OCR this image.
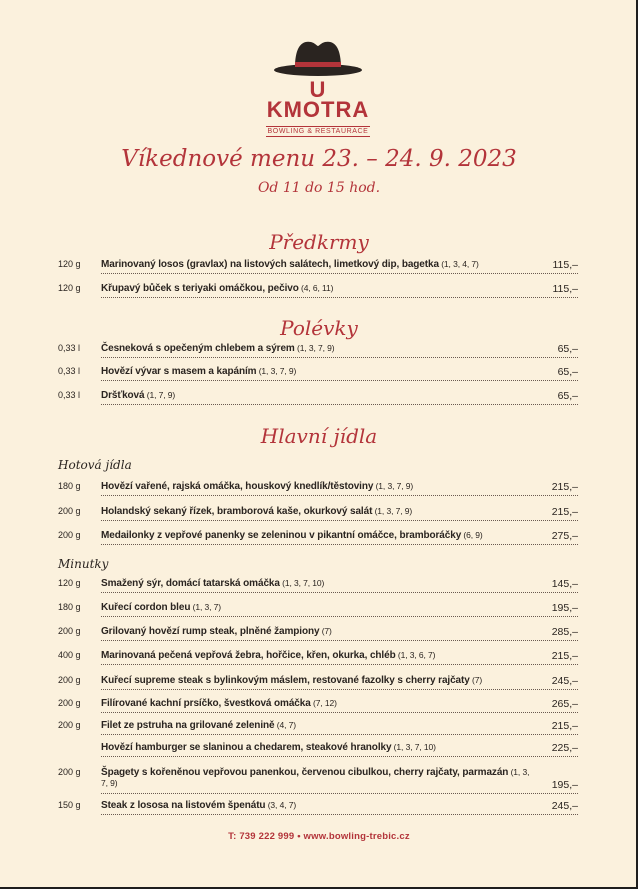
U KMOTRA
BOWLING & RESTAURACE
Víkednové menu 23. – 24. 9. 2023
Od 11 do 15 hod.
Předkrmy
120 g	Marinovaný losos (gravlax) na listových salátech, limetkový dip, bagetka (1, 3, 4, 7)	115,–
120 g	Křupavý bůček s teriyaki omáčkou, pečivo (4, 6, 11)	115,–
Polévky
0,33 l	Česneková s opečeným chlebem a sýrem (1, 3, 7, 9)	65,–
0,33 l	Hovězí vývar s masem a kapáním (1, 3, 7, 9)	65,–
0,33 l	Dršťková (1, 7, 9)	65,–
Hlavní jídla
Hotová jídla
180 g	Hovězí vařené, rajská omáčka, houskový knedlík/těstoviny (1, 3, 7, 9)	215,–
200 g	Holandský sekaný řízek, bramborová kaše, okurkový salát (1, 3, 7, 9)	215,–
200 g	Medailonky z vepřové panenky se zeleninou v pikantní omáčce, bramboráčky (6, 9)	275,–
Minutky
120 g	Smažený sýr, domácí tatarská omáčka (1, 3, 7, 10)	145,–
180 g	Kuřecí cordon bleu (1, 3, 7)	195,–
200 g	Grilovaný hovězí rump steak, plněné žampiony (7)	285,–
400 g	Marinovaná pečená vepřová žebra, hořčice, křen, okurka, chléb (1, 3, 6, 7)	215,–
200 g	Kuřecí supreme steak s bylinkovým máslem, restované fazolky s cherry rajčaty (7)	245,–
200 g	Filírované kachní prsíčko, švestková omáčka (7, 12)	265,–
200 g	Filet ze pstruha na grilované zelenině (4, 7)	215,–
Hovězí hamburger se slaninou a chedarem, steakové hranolky (1, 3, 7, 10)	225,–
200 g	Špagety s kořeněnou vepřovou panenkou, červenou cibulkou, cherry rajčaty, parmazán (1, 3, 7, 9)	195,–
150 g	Steak z lososa na listovém špenátu (3, 4, 7)	245,–
T: 739 222 999 • www.bowling-trebic.cz
